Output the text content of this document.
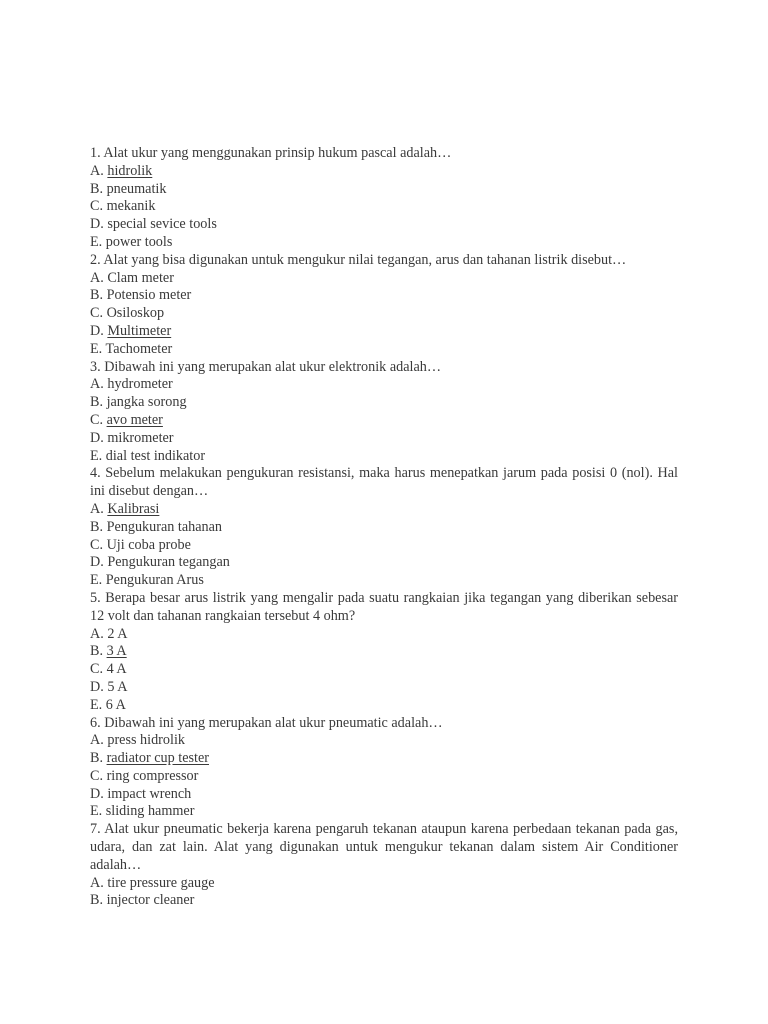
1. Alat ukur yang menggunakan prinsip hukum pascal adalah…

A. hidrolik

B. pneumatik

C. mekanik

D. special sevice tools

E. power tools

2. Alat yang bisa digunakan untuk mengukur nilai tegangan, arus dan tahanan listrik disebut…

A. Clam meter

B. Potensio meter

C. Osiloskop

D. Multimeter

E. Tachometer

3. Dibawah ini yang merupakan alat ukur elektronik adalah…

A. hydrometer

B. jangka sorong

C. avo meter

D. mikrometer

E. dial test indikator

4. Sebelum melakukan pengukuran resistansi, maka harus menepatkan jarum pada posisi 0 (nol). Hal ini disebut dengan…

A. Kalibrasi

B. Pengukuran tahanan

C. Uji coba probe

D. Pengukuran tegangan

E. Pengukuran Arus

5. Berapa besar arus listrik yang mengalir pada suatu rangkaian jika tegangan yang diberikan sebesar 12 volt dan tahanan rangkaian tersebut 4 ohm?

A. 2 A

B. 3 A

C. 4 A

D. 5 A

E. 6 A

6. Dibawah ini yang merupakan alat ukur pneumatic adalah…

A. press hidrolik

B. radiator cup tester

C. ring compressor

D. impact wrench

E. sliding hammer

7. Alat ukur pneumatic bekerja karena pengaruh tekanan ataupun karena perbedaan tekanan pada gas, udara, dan zat lain. Alat yang digunakan untuk mengukur tekanan dalam sistem Air Conditioner adalah…

A. tire pressure gauge

B. injector cleaner
